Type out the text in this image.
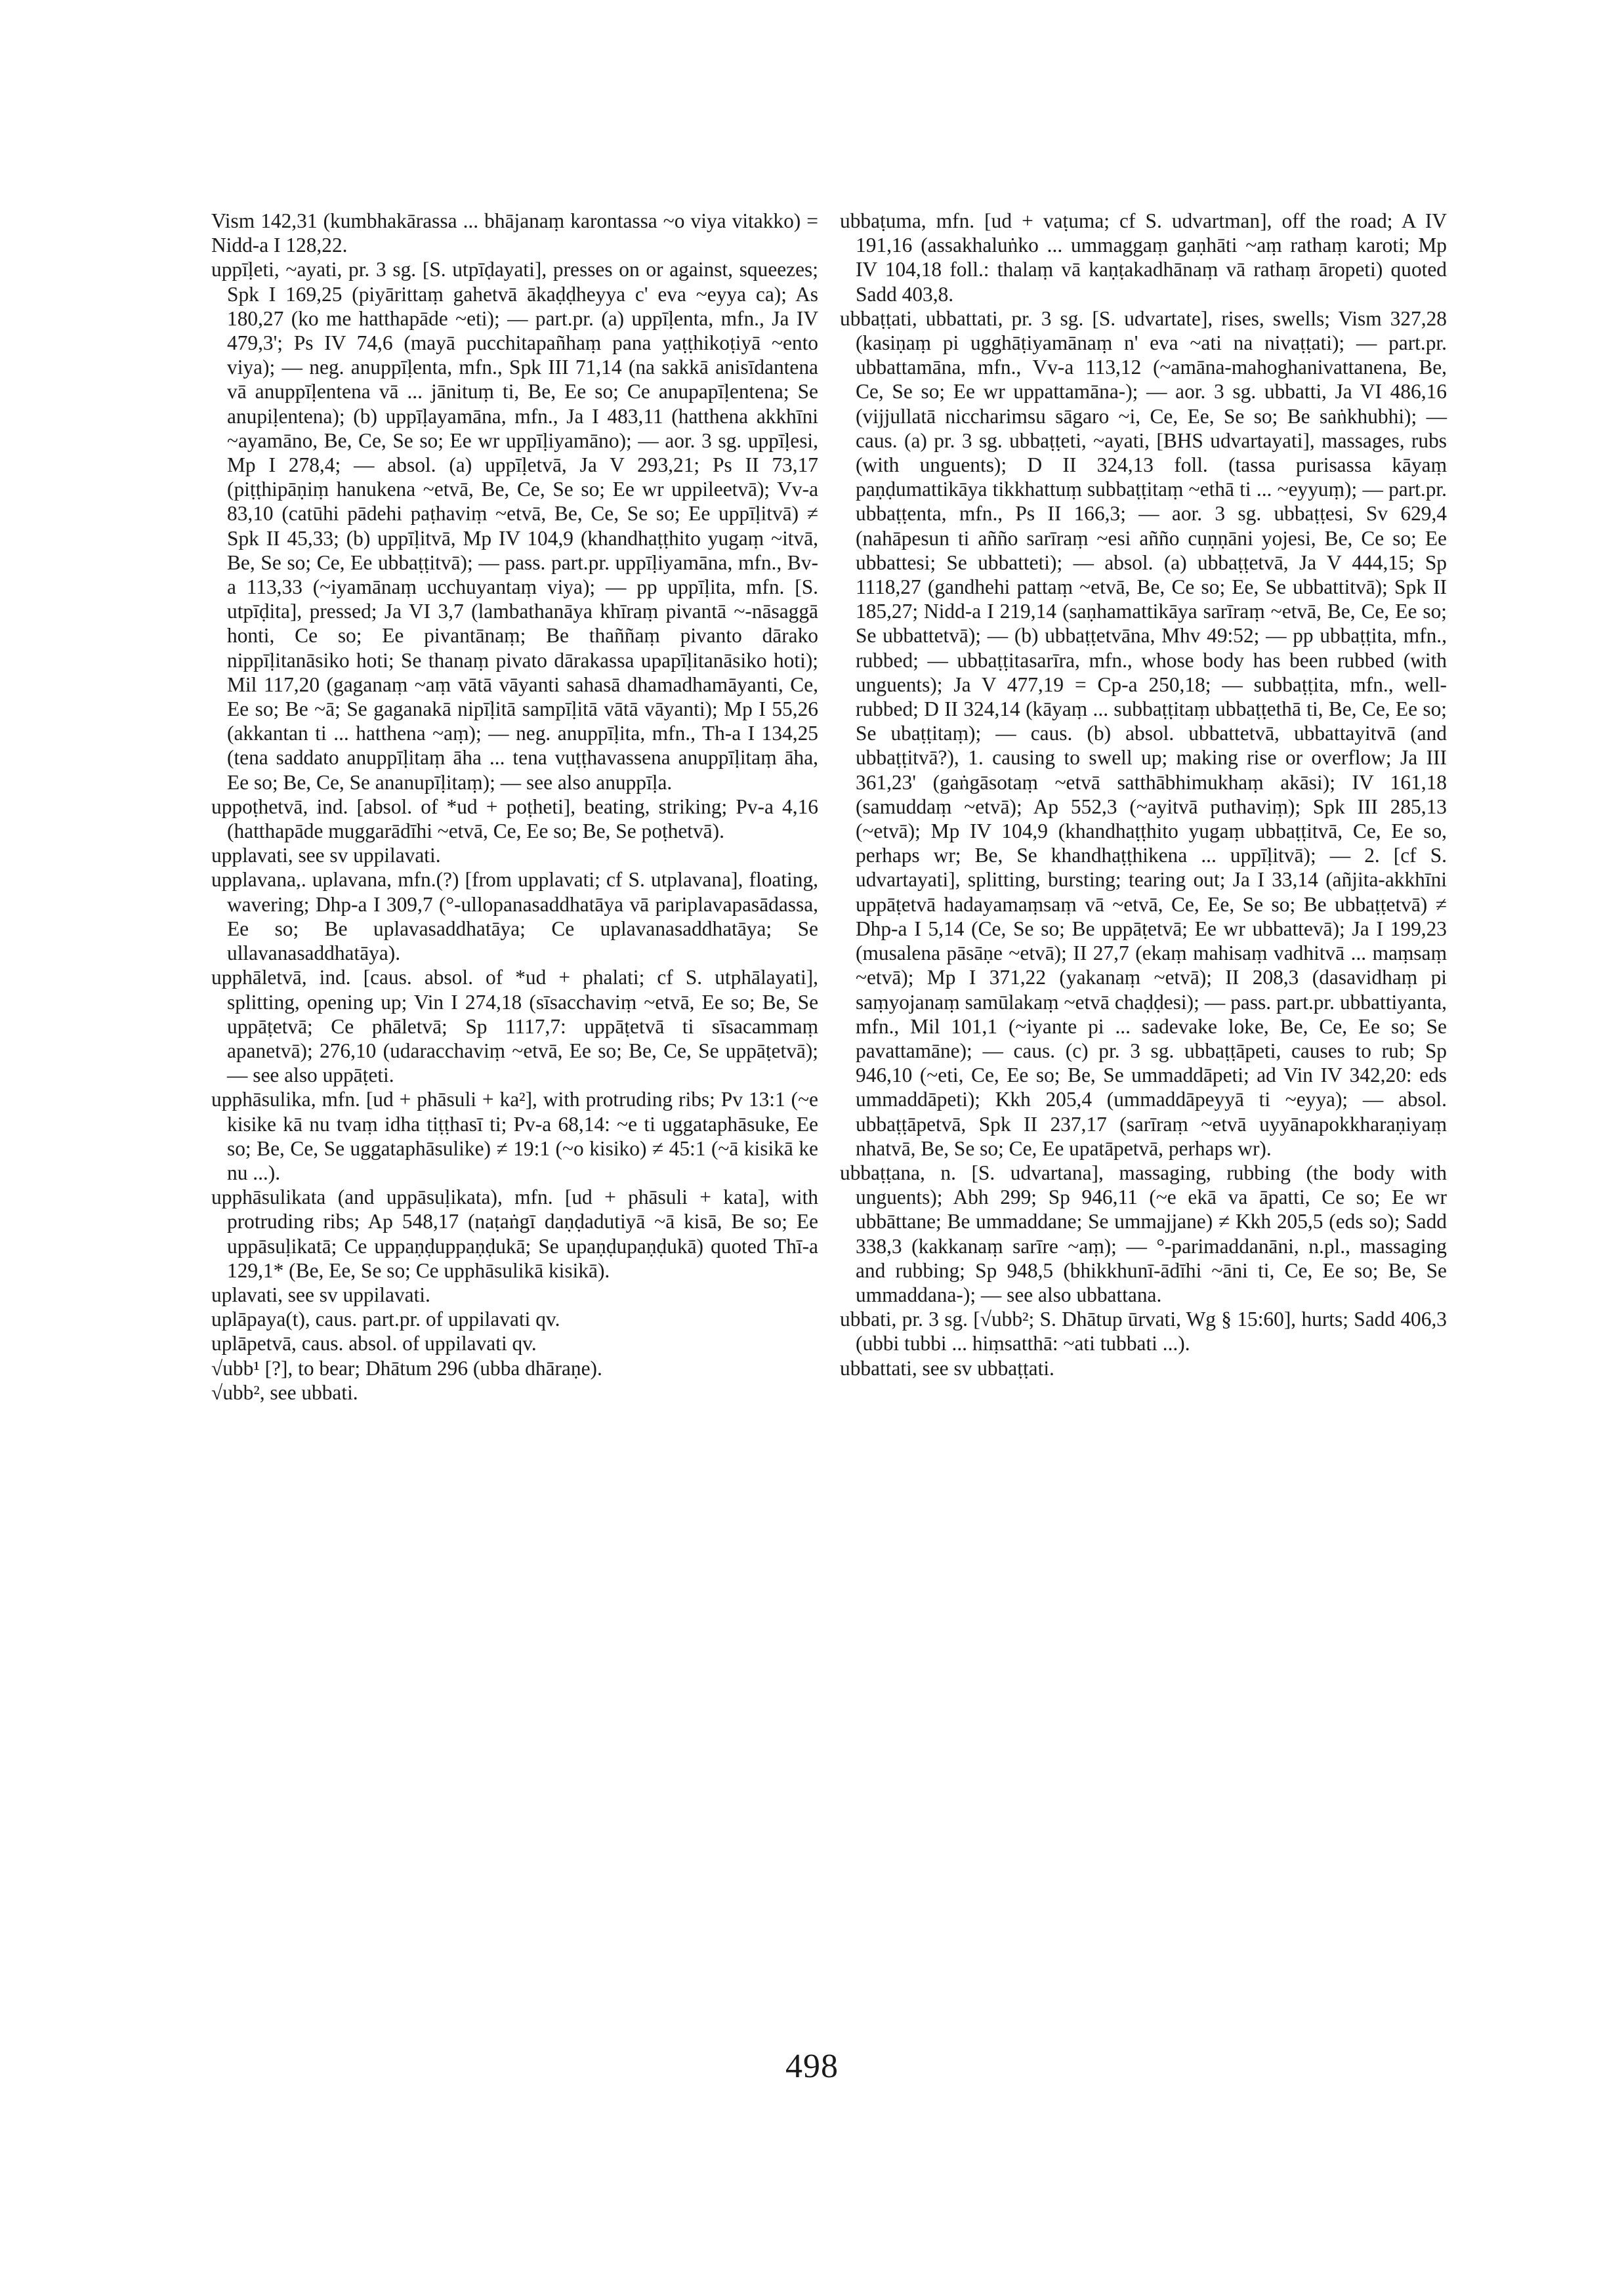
Vism 142,31 (kumbhakārassa ... bhājanaṃ karontassa ~o viya vitakko) = Nidd-a I 128,22.

uppīḷeti, ~ayati, pr. 3 sg. [S. utpīḍayati], presses on or against, squeezes; Spk I 169,25 (piyārittaṃ gahetvā ākaḍḍheyya c' eva ~eyya ca); As 180,27 (ko me hatthapāde ~eti); — part.pr. (a) uppīḷenta, mfn., Ja IV 479,3'; Ps IV 74,6 (mayā pucchitapañhaṃ pana yaṭṭhikoṭiyā ~ento viya); — neg. anuppīḷenta, mfn., Spk III 71,14 (na sakkā anisīdantena vā anuppīḷentena vā ... jānituṃ ti, Be, Ee so; Ce anupapīḷentena; Se anupiḷentena); (b) uppīḷayamāna, mfn., Ja I 483,11 (hatthena akkhīni ~ayamāno, Be, Ce, Se so; Ee wr uppīḷiyamāno); — aor. 3 sg. uppīḷesi, Mp I 278,4; — absol. (a) uppīḷetvā, Ja V 293,21; Ps II 73,17 (piṭṭhipāṇiṃ hanukena ~etvā, Be, Ce, Se so; Ee wr uppileetvā); Vv-a 83,10 (catūhi pādehi paṭhaviṃ ~etvā, Be, Ce, Se so; Ee uppīḷitvā) ≠ Spk II 45,33; (b) uppīḷitvā, Mp IV 104,9 (khandhaṭṭhito yugaṃ ~itvā, Be, Se so; Ce, Ee ubbaṭṭitvā); — pass. part.pr. uppīḷiyamāna, mfn., Bv-a 113,33 (~iyamānaṃ ucchuyantaṃ viya); — pp uppīḷita, mfn. [S. utpīḍita], pressed; Ja VI 3,7 (lambathanāya khīraṃ pivantā ~-nāsaggā honti, Ce so; Ee pivantānaṃ; Be thaññaṃ pivanto dārako nippīḷitanāsiko hoti; Se thanaṃ pivato dārakassa upapīḷitanāsiko hoti); Mil 117,20 (gaganaṃ ~aṃ vātā vāyanti sahasā dhamadhamāyanti, Ce, Ee so; Be ~ā; Se gaganakā nipīḷitā sampīḷitā vātā vāyanti); Mp I 55,26 (akkantan ti ... hatthena ~aṃ); — neg. anuppīḷita, mfn., Th-a I 134,25 (tena saddato anuppīḷitaṃ āha ... tena vuṭṭhavassena anuppīḷitaṃ āha, Ee so; Be, Ce, Se ananupīḷitaṃ); — see also anuppīḷa.

uppoṭhetvā, ind. [absol. of *ud + poṭheti], beating, striking; Pv-a 4,16 (hatthapāde muggarādīhi ~etvā, Ce, Ee so; Be, Se poṭhetvā).

upplavati, see sv uppilavati.

upplavana,. uplavana, mfn.(?) [from upplavati; cf S. utplavana], floating, wavering; Dhp-a I 309,7 (°-ullopanasaddhatāya vā pariplavapasādassa, Ee so; Be uplavasaddhatāya; Ce uplavanasaddhatāya; Se ullavanasaddhatāya).

upphāletvā, ind. [caus. absol. of *ud + phalati; cf S. utphālayati], splitting, opening up; Vin I 274,18 (sīsacchaviṃ ~etvā, Ee so; Be, Se uppāṭetvā; Ce phāletvā; Sp 1117,7: uppāṭetvā ti sīsacammaṃ apanetvā); 276,10 (udaracchaviṃ ~etvā, Ee so; Be, Ce, Se uppāṭetvā); — see also uppāṭeti.

upphāsulika, mfn. [ud + phāsuli + ka²], with protruding ribs; Pv 13:1 (~e kisike kā nu tvaṃ idha tiṭṭhasī ti; Pv-a 68,14: ~e ti uggataphāsuke, Ee so; Be, Ce, Se uggataphāsulike) ≠ 19:1 (~o kisiko) ≠ 45:1 (~ā kisikā ke nu ...).

upphāsulikata (and uppāsuḷikata), mfn. [ud + phāsuli + kata], with protruding ribs; Ap 548,17 (naṭaṅgī daṇḍadutiyā ~ā kisā, Be so; Ee uppāsuḷikatā; Ce uppaṇḍuppaṇḍukā; Se upaṇḍupaṇḍukā) quoted Thī-a 129,1* (Be, Ee, Se so; Ce upphāsulikā kisikā).

uplavati, see sv uppilavati.

uplāpaya(t), caus. part.pr. of uppilavati qv.

uplāpetvā, caus. absol. of uppilavati qv.

√ubb¹ [?], to bear; Dhātum 296 (ubba dhāraṇe).

√ubb², see ubbati.

ubbaṭuma, mfn. [ud + vaṭuma; cf S. udvartman], off the road; A IV 191,16 (assakhaluṅko ... ummaggaṃ gaṇhāti ~aṃ rathaṃ karoti; Mp IV 104,18 foll.: thalaṃ vā kaṇṭakadhānaṃ vā rathaṃ āropeti) quoted Sadd 403,8.

ubbaṭṭati, ubbattati, pr. 3 sg. [S. udvartate], rises, swells; Vism 327,28 (kasiṇaṃ pi ugghāṭiyamānaṃ n' eva ~ati na nivaṭṭati); — part.pr. ubbattamāna, mfn., Vv-a 113,12 (~amāna-mahoghanivattanena, Be, Ce, Se so; Ee wr uppattamāna-); — aor. 3 sg. ubbatti, Ja VI 486,16 (vijjullatā niccharimsu sāgaro ~i, Ce, Ee, Se so; Be saṅkhubhi); — caus. (a) pr. 3 sg. ubbaṭṭeti, ~ayati, [BHS udvartayati], massages, rubs (with unguents); D II 324,13 foll. (tassa purisassa kāyaṃ paṇḍumattikāya tikkhattuṃ subbaṭṭitaṃ ~ethā ti ... ~eyyuṃ); — part.pr. ubbaṭṭenta, mfn., Ps II 166,3; — aor. 3 sg. ubbaṭṭesi, Sv 629,4 (nahāpesun ti añño sarīraṃ ~esi añño cuṇṇāni yojesi, Be, Ce so; Ee ubbattesi; Se ubbatteti); — absol. (a) ubbaṭṭetvā, Ja V 444,15; Sp 1118,27 (gandhehi pattaṃ ~etvā, Be, Ce so; Ee, Se ubbattitvā); Spk II 185,27; Nidd-a I 219,14 (saṇhamattikāya sarīraṃ ~etvā, Be, Ce, Ee so; Se ubbattetvā); — (b) ubbaṭṭetvāna, Mhv 49:52; — pp ubbaṭṭita, mfn., rubbed; — ubbaṭṭitasarīra, mfn., whose body has been rubbed (with unguents); Ja V 477,19 = Cp-a 250,18; — subbaṭṭita, mfn., well-rubbed; D II 324,14 (kāyaṃ ... subbaṭṭitaṃ ubbaṭṭethā ti, Be, Ce, Ee so; Se ubaṭṭitaṃ); — caus. (b) absol. ubbattetvā, ubbattayitvā (and ubbaṭṭitvā?), 1. causing to swell up; making rise or overflow; Ja III 361,23' (gaṅgāsotaṃ ~etvā satthābhimukhaṃ akāsi); IV 161,18 (samuddaṃ ~etvā); Ap 552,3 (~ayitvā puthaviṃ); Spk III 285,13 (~etvā); Mp IV 104,9 (khandhaṭṭhito yugaṃ ubbaṭṭitvā, Ce, Ee so, perhaps wr; Be, Se khandhaṭṭhikena ... uppīḷitvā); — 2. [cf S. udvartayati], splitting, bursting; tearing out; Ja I 33,14 (añjita-akkhīni uppāṭetvā hadayamaṃsaṃ vā ~etvā, Ce, Ee, Se so; Be ubbaṭṭetvā) ≠ Dhp-a I 5,14 (Ce, Se so; Be uppāṭetvā; Ee wr ubbattevā); Ja I 199,23 (musalena pāsāṇe ~etvā); II 27,7 (ekaṃ mahisaṃ vadhitvā ... maṃsaṃ ~etvā); Mp I 371,22 (yakanaṃ ~etvā); II 208,3 (dasavidhaṃ pi saṃyojanaṃ samūlakaṃ ~etvā chaḍḍesi); — pass. part.pr. ubbattiyanta, mfn., Mil 101,1 (~iyante pi ... sadevake loke, Be, Ce, Ee so; Se pavattamāne); — caus. (c) pr. 3 sg. ubbaṭṭāpeti, causes to rub; Sp 946,10 (~eti, Ce, Ee so; Be, Se ummaddāpeti; ad Vin IV 342,20: eds ummaddāpeti); Kkh 205,4 (ummaddāpeyyā ti ~eyya); — absol. ubbaṭṭāpetvā, Spk II 237,17 (sarīraṃ ~etvā uyyānapokkharaṇiyaṃ nhatvā, Be, Se so; Ce, Ee upatāpetvā, perhaps wr).

ubbaṭṭana, n. [S. udvartana], massaging, rubbing (the body with unguents); Abh 299; Sp 946,11 (~e ekā va āpatti, Ce so; Ee wr ubbāttane; Be ummaddane; Se ummajjane) ≠ Kkh 205,5 (eds so); Sadd 338,3 (kakkanaṃ sarīre ~aṃ); — °-parimaddanāni, n.pl., massaging and rubbing; Sp 948,5 (bhikkhunī-ādīhi ~āni ti, Ce, Ee so; Be, Se ummaddana-); — see also ubbattana.

ubbati, pr. 3 sg. [√ubb²; S. Dhātup ūrvati, Wg § 15:60], hurts; Sadd 406,3 (ubbi tubbi ... hiṃsatthā: ~ati tubbati ...).

ubbattati, see sv ubbaṭṭati.

498
